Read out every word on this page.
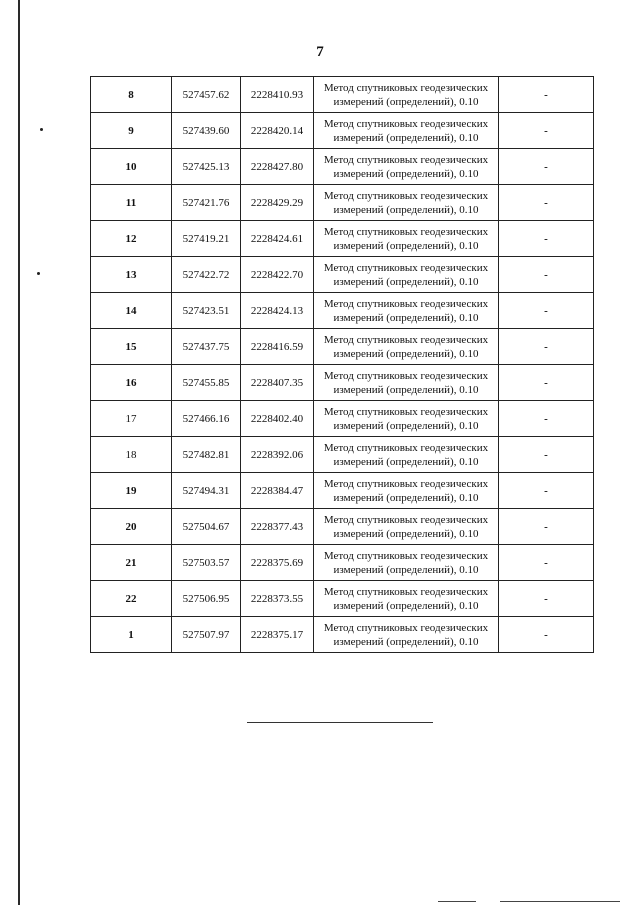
7
8	527457.62	2228410.93	Метод спутниковых геодезических измерений (определений), 0.10	-
9	527439.60	2228420.14	Метод спутниковых геодезических измерений (определений), 0.10	-
10	527425.13	2228427.80	Метод спутниковых геодезических измерений (определений), 0.10	-
11	527421.76	2228429.29	Метод спутниковых геодезических измерений (определений), 0.10	-
12	527419.21	2228424.61	Метод спутниковых геодезических измерений (определений), 0.10	-
13	527422.72	2228422.70	Метод спутниковых геодезических измерений (определений), 0.10	-
14	527423.51	2228424.13	Метод спутниковых геодезических измерений (определений), 0.10	-
15	527437.75	2228416.59	Метод спутниковых геодезических измерений (определений), 0.10	-
16	527455.85	2228407.35	Метод спутниковых геодезических измерений (определений), 0.10	-
17	527466.16	2228402.40	Метод спутниковых геодезических измерений (определений), 0.10	-
18	527482.81	2228392.06	Метод спутниковых геодезических измерений (определений), 0.10	-
19	527494.31	2228384.47	Метод спутниковых геодезических измерений (определений), 0.10	-
20	527504.67	2228377.43	Метод спутниковых геодезических измерений (определений), 0.10	-
21	527503.57	2228375.69	Метод спутниковых геодезических измерений (определений), 0.10	-
22	527506.95	2228373.55	Метод спутниковых геодезических измерений (определений), 0.10	-
1	527507.97	2228375.17	Метод спутниковых геодезических измерений (определений), 0.10	-
